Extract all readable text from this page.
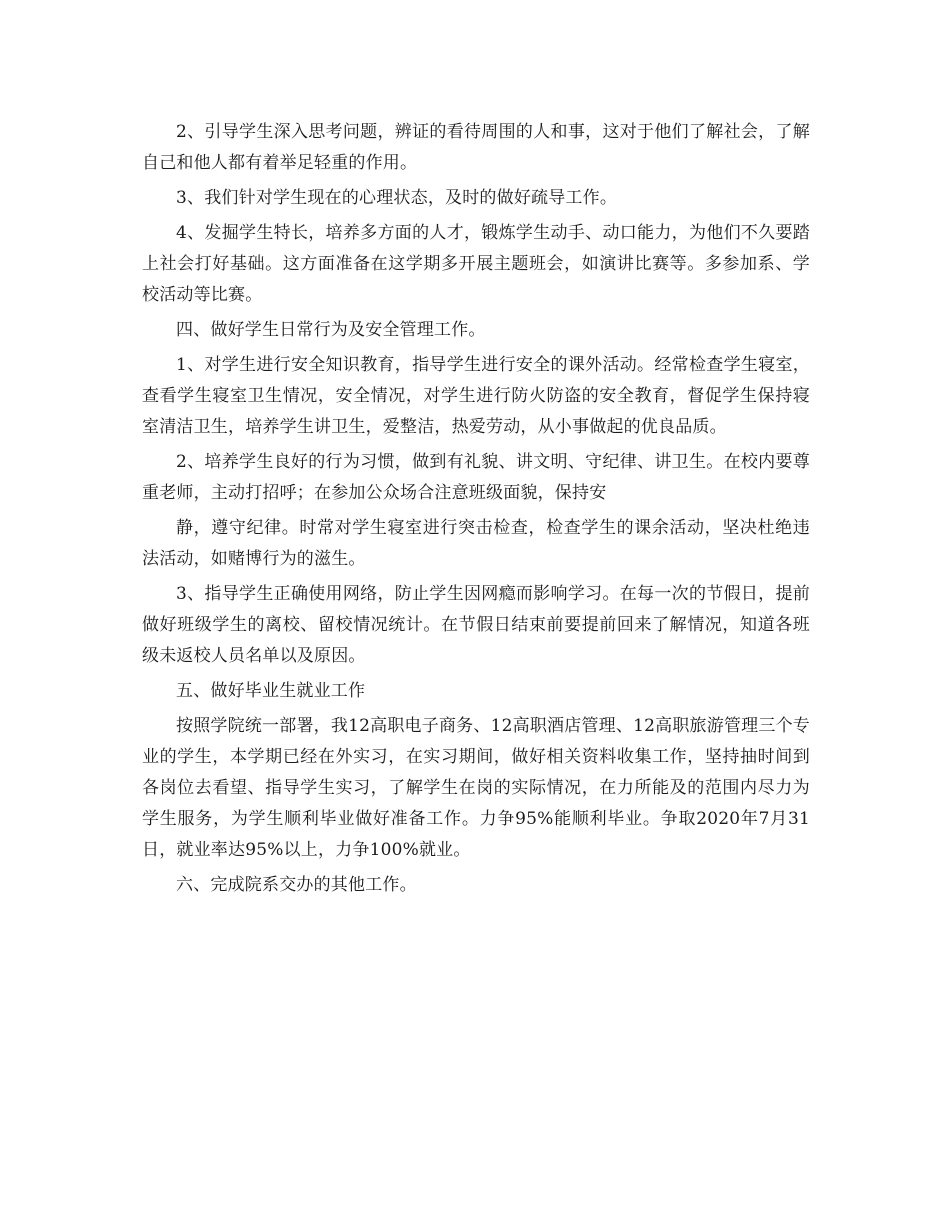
2、引导学生深入思考问题，辨证的看待周围的人和事，这对于他们了解社会，了解自己和他人都有着举足轻重的作用。

3、我们针对学生现在的心理状态，及时的做好疏导工作。

4、发掘学生特长，培养多方面的人才，锻炼学生动手、动口能力，为他们不久要踏上社会打好基础。这方面准备在这学期多开展主题班会，如演讲比赛等。多参加系、学校活动等比赛。

四、做好学生日常行为及安全管理工作。

1、对学生进行安全知识教育，指导学生进行安全的课外活动。经常检查学生寝室，查看学生寝室卫生情况，安全情况，对学生进行防火防盗的安全教育，督促学生保持寝室清洁卫生，培养学生讲卫生，爱整洁，热爱劳动，从小事做起的优良品质。

2、培养学生良好的行为习惯，做到有礼貌、讲文明、守纪律、讲卫生。在校内要尊重老师，主动打招呼；在参加公众场合注意班级面貌，保持安

静，遵守纪律。时常对学生寝室进行突击检查，检查学生的课余活动，坚决杜绝违法活动，如赌博行为的滋生。

3、指导学生正确使用网络，防止学生因网瘾而影响学习。在每一次的节假日，提前做好班级学生的离校、留校情况统计。在节假日结束前要提前回来了解情况，知道各班级未返校人员名单以及原因。

五、做好毕业生就业工作

按照学院统一部署，我12高职电子商务、12高职酒店管理、12高职旅游管理三个专业的学生，本学期已经在外实习，在实习期间，做好相关资料收集工作，坚持抽时间到各岗位去看望、指导学生实习，了解学生在岗的实际情况，在力所能及的范围内尽力为学生服务，为学生顺利毕业做好准备工作。力争95%能顺利毕业。争取2020年7月31日，就业率达95%以上，力争100%就业。

六、完成院系交办的其他工作。
